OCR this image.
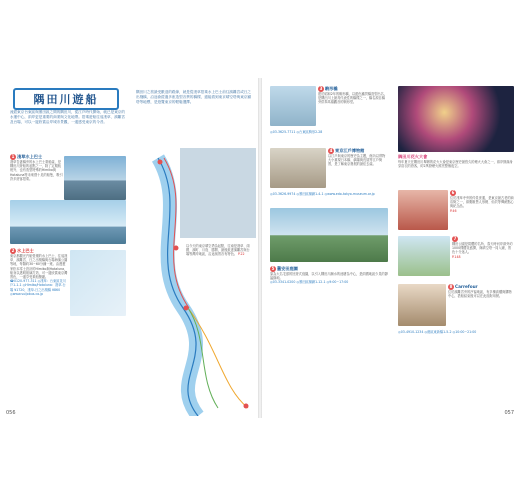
隅田川遊船
流經東京台東區與墨田區之間的隅田川，從江戶時代開始，就已是東京的水運中心，兩岸更是重要的商業與文化地帶。搭乘遊船往返淺草、濱離宮及台場，可以一邊欣賞沿岸城市景觀，一邊感受東京的今昔。
隅田川之旅最受歡迎的路線，就是從淺草搭乘水上巴士前往濱離宮或日之出棧橋，沿途會經過多座造型各異的橋樑，還能看到東京晴空塔與東京鐵塔等地標，是遊覽東京的輕鬆選擇。
1 淺草水上巴士
淺草吾妻橋旁的水上巴士乘船處，是隅田川遊船的起點之一，除了定期航班外，也有造型特殊的Himiko與Hotaluna等未來感十足的船隻，吸引許多遊客搭乘。
2 水上巴士
東京都觀光汽船營運的水上巴士，往返淺草、濱離宮、日之出棧橋與台場海濱公園等地，每隔約30~60分鐘一班。由漫畫家松本零士設計的Himiko與Hotaluna，船身以透明玻璃打造，可一邊欣賞東京灣景色，一邊享受乘船樂趣。
☎0120-977-311 ◎淺草：台東區花川戶1-1-1 ◎Himiko/Hotaluna：淺草-台場 ¥1720，淺草-日之出棧橋 ¥860 ◎www.suijobus.co.jp
以今天的東京晴空塔為起點，往南是淺草、兩國、濱町、月島、勝鬨，最後抵達濱離宮與台場等灣岸地區，沿途風景各有特色。 P.22
056
3 駒形橋
建於昭和2年的駒形橋，以藍色鐵拱橋造型出名，是隅田川上最具代表性的橋樑之一，橋名源自橋旁供奉馬頭觀音的駒形堂。
◎03-3625-7711 ◎台東區駒形2-28
4 東京江戶博物館
以江戶與東京的歷史為主題，館內以實物大小重現日本橋、劇場與長屋等江戶街景，是了解東京發展的最佳去處。
◎03-3626-9974 ◎墨田區橫網1-4-1 ◎www.edo-tokyo-museum.or.jp
5 舊安田庭園
原為大名宅邸的回遊式庭園，以引入隅田川潮水的池塘為中心，是兩國地區少見的靜謐綠地。
◎03-3341-0200 ◎墨田區橫網1-12-1 ◎9:00~17:00
隅田川花火大會
每年夏天在隅田川舉辦的花火大會是東京歷史最悠久的煙火大會之一，兩岸擠滿身穿浴衣的遊客，約2萬發煙火照亮整個夜空。
6
位於淺草寺旁的仲見世通，是東京最古老的商店街之一，兩側販售人形燒、仙貝等傳統點心與紀念品。
P.46
7
隅田公園是賞櫻的名所，春天時河岸兩旁約1000棵櫻花盛開，與晴空塔一同入鏡，景色十分迷人。
P.148
8 Carrefour
位於濱離宮旁的汐留地區，有多棟高樓與購物中心，搭船結束後可以在此逛街用餐。
◎03-4910-1234 ◎港區東新橋1-5-2 ◎10:00~21:00
057
